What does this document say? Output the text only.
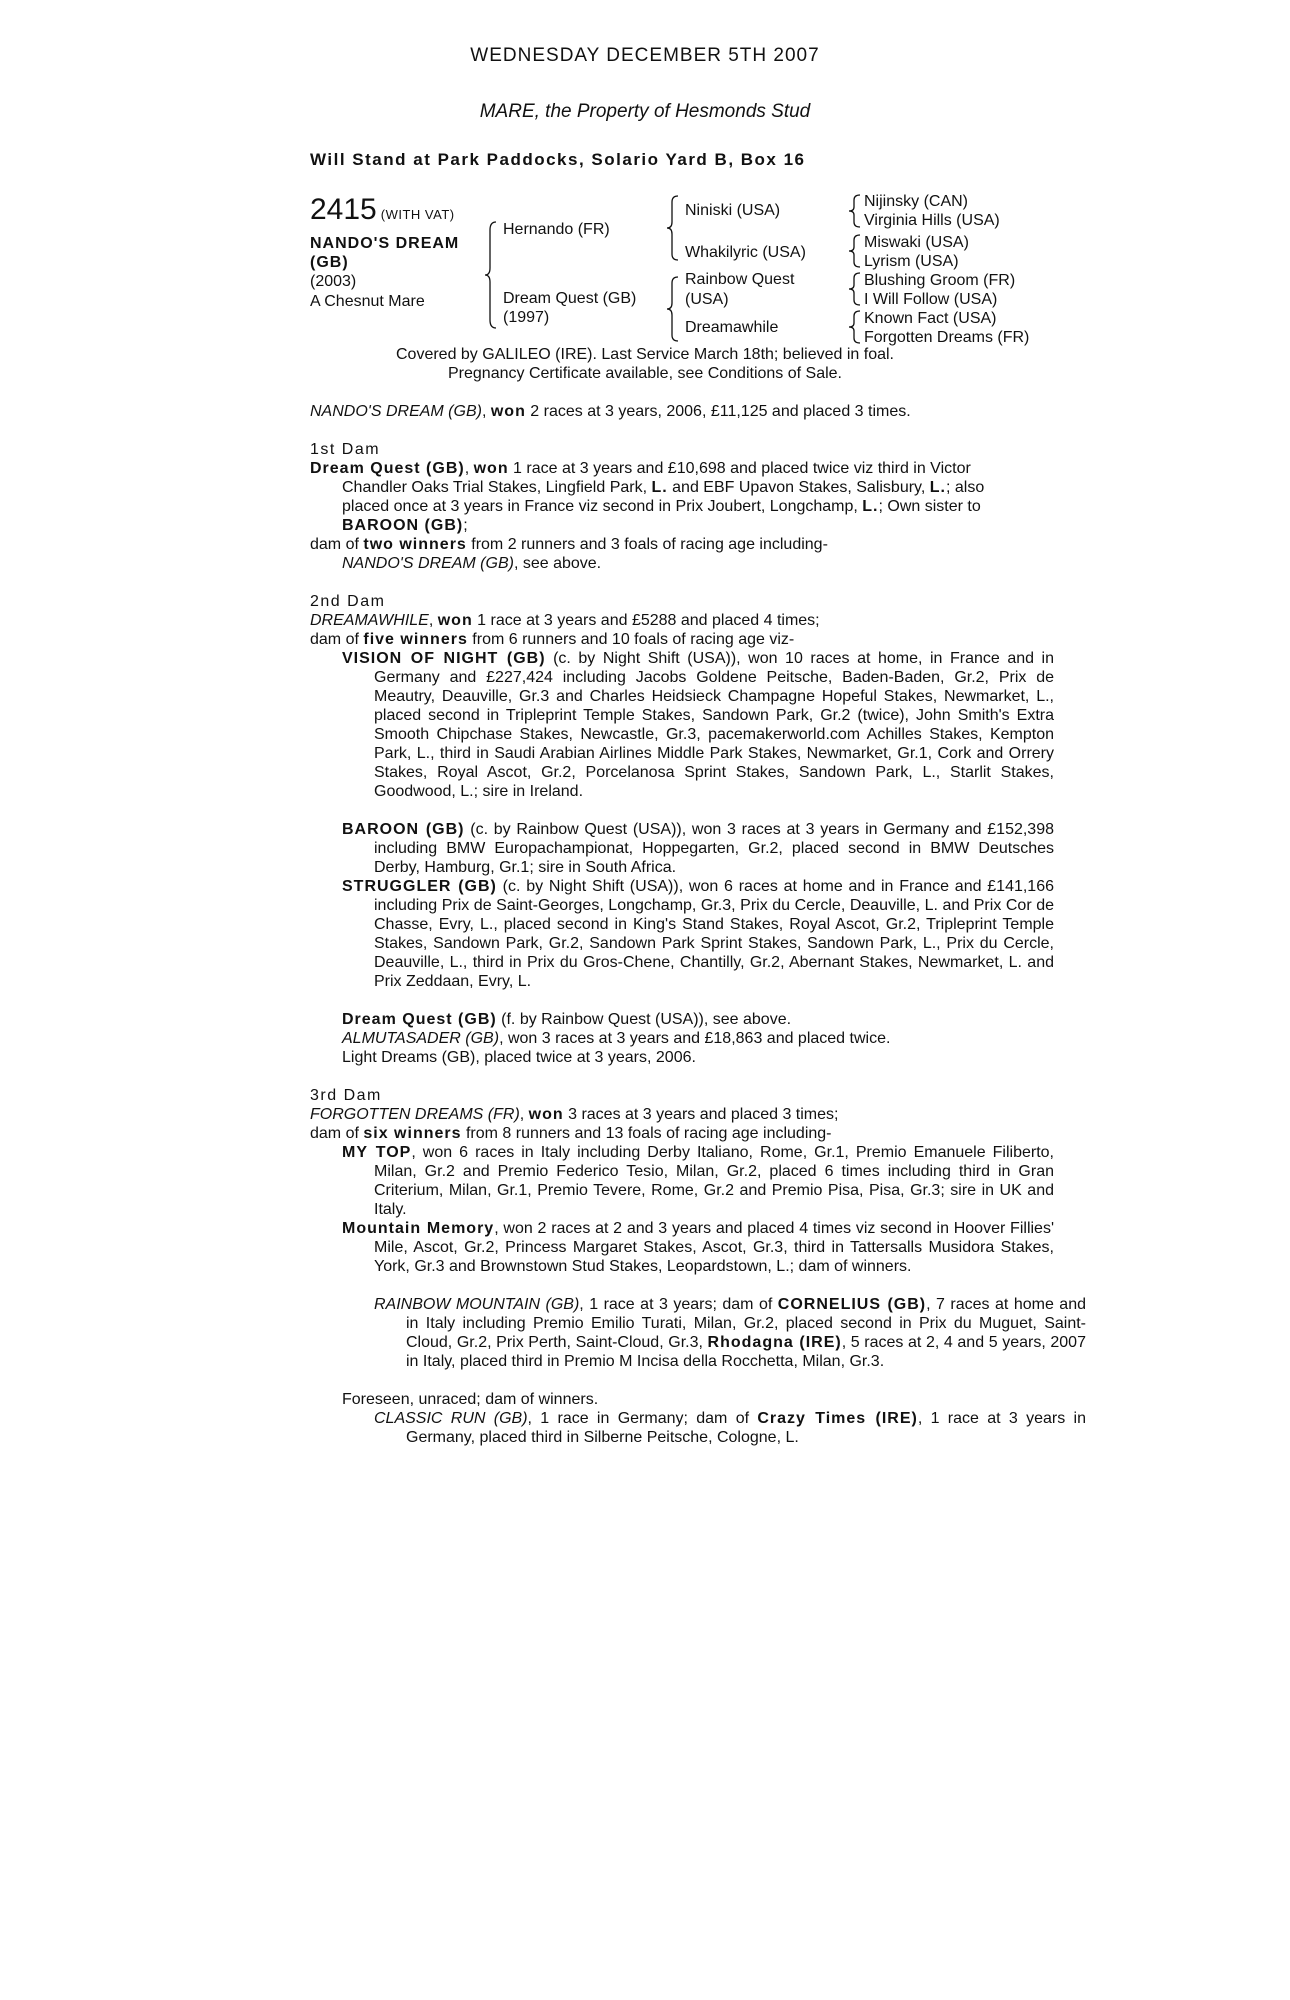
WEDNESDAY DECEMBER 5TH 2007
MARE, the Property of Hesmonds Stud
Will Stand at Park Paddocks, Solario Yard B, Box 16
2415 (WITH VAT)
NANDO'S DREAM
(GB)
(2003)
A Chesnut Mare
Hernando (FR)
Dream Quest (GB)
(1997)
Niniski (USA)
Whakilyric (USA)
Rainbow Quest
(USA)
Dreamawhile
Nijinsky (CAN)
Virginia Hills (USA)
Miswaki (USA)
Lyrism (USA)
Blushing Groom (FR)
I Will Follow (USA)
Known Fact (USA)
Forgotten Dreams (FR)
Covered by GALILEO (IRE). Last Service March 18th; believed in foal.
Pregnancy Certificate available, see Conditions of Sale.
NANDO'S DREAM (GB), won 2 races at 3 years, 2006, £11,125 and placed 3 times.
1st Dam
Dream Quest (GB), won 1 race at 3 years and £10,698 and placed twice viz third in Victor Chandler Oaks Trial Stakes, Lingfield Park, L. and EBF Upavon Stakes, Salisbury, L.; also placed once at 3 years in France viz second in Prix Joubert, Longchamp, L.; Own sister to BAROON (GB);
dam of two winners from 2 runners and 3 foals of racing age including-
NANDO'S DREAM (GB), see above.
2nd Dam
DREAMAWHILE, won 1 race at 3 years and £5288 and placed 4 times;
dam of five winners from 6 runners and 10 foals of racing age viz-
VISION OF NIGHT (GB) (c. by Night Shift (USA)), won 10 races at home, in France and in Germany and £227,424 including Jacobs Goldene Peitsche, Baden-Baden, Gr.2, Prix de Meautry, Deauville, Gr.3 and Charles Heidsieck Champagne Hopeful Stakes, Newmarket, L., placed second in Tripleprint Temple Stakes, Sandown Park, Gr.2 (twice), John Smith's Extra Smooth Chipchase Stakes, Newcastle, Gr.3, pacemakerworld.com Achilles Stakes, Kempton Park, L., third in Saudi Arabian Airlines Middle Park Stakes, Newmarket, Gr.1, Cork and Orrery Stakes, Royal Ascot, Gr.2, Porcelanosa Sprint Stakes, Sandown Park, L., Starlit Stakes, Goodwood, L.; sire in Ireland.
BAROON (GB) (c. by Rainbow Quest (USA)), won 3 races at 3 years in Germany and £152,398 including BMW Europachampionat, Hoppegarten, Gr.2, placed second in BMW Deutsches Derby, Hamburg, Gr.1; sire in South Africa.
STRUGGLER (GB) (c. by Night Shift (USA)), won 6 races at home and in France and £141,166 including Prix de Saint-Georges, Longchamp, Gr.3, Prix du Cercle, Deauville, L. and Prix Cor de Chasse, Evry, L., placed second in King's Stand Stakes, Royal Ascot, Gr.2, Tripleprint Temple Stakes, Sandown Park, Gr.2, Sandown Park Sprint Stakes, Sandown Park, L., Prix du Cercle, Deauville, L., third in Prix du Gros-Chene, Chantilly, Gr.2, Abernant Stakes, Newmarket, L. and Prix Zeddaan, Evry, L.
Dream Quest (GB) (f. by Rainbow Quest (USA)), see above.
ALMUTASADER (GB), won 3 races at 3 years and £18,863 and placed twice.
Light Dreams (GB), placed twice at 3 years, 2006.
3rd Dam
FORGOTTEN DREAMS (FR), won 3 races at 3 years and placed 3 times;
dam of six winners from 8 runners and 13 foals of racing age including-
MY TOP, won 6 races in Italy including Derby Italiano, Rome, Gr.1, Premio Emanuele Filiberto, Milan, Gr.2 and Premio Federico Tesio, Milan, Gr.2, placed 6 times including third in Gran Criterium, Milan, Gr.1, Premio Tevere, Rome, Gr.2 and Premio Pisa, Pisa, Gr.3; sire in UK and Italy.
Mountain Memory, won 2 races at 2 and 3 years and placed 4 times viz second in Hoover Fillies' Mile, Ascot, Gr.2, Princess Margaret Stakes, Ascot, Gr.3, third in Tattersalls Musidora Stakes, York, Gr.3 and Brownstown Stud Stakes, Leopardstown, L.; dam of winners.
RAINBOW MOUNTAIN (GB), 1 race at 3 years; dam of CORNELIUS (GB), 7 races at home and in Italy including Premio Emilio Turati, Milan, Gr.2, placed second in Prix du Muguet, Saint-Cloud, Gr.2, Prix Perth, Saint-Cloud, Gr.3, Rhodagna (IRE), 5 races at 2, 4 and 5 years, 2007 in Italy, placed third in Premio M Incisa della Rocchetta, Milan, Gr.3.
Foreseen, unraced; dam of winners.
CLASSIC RUN (GB), 1 race in Germany; dam of Crazy Times (IRE), 1 race at 3 years in Germany, placed third in Silberne Peitsche, Cologne, L.
